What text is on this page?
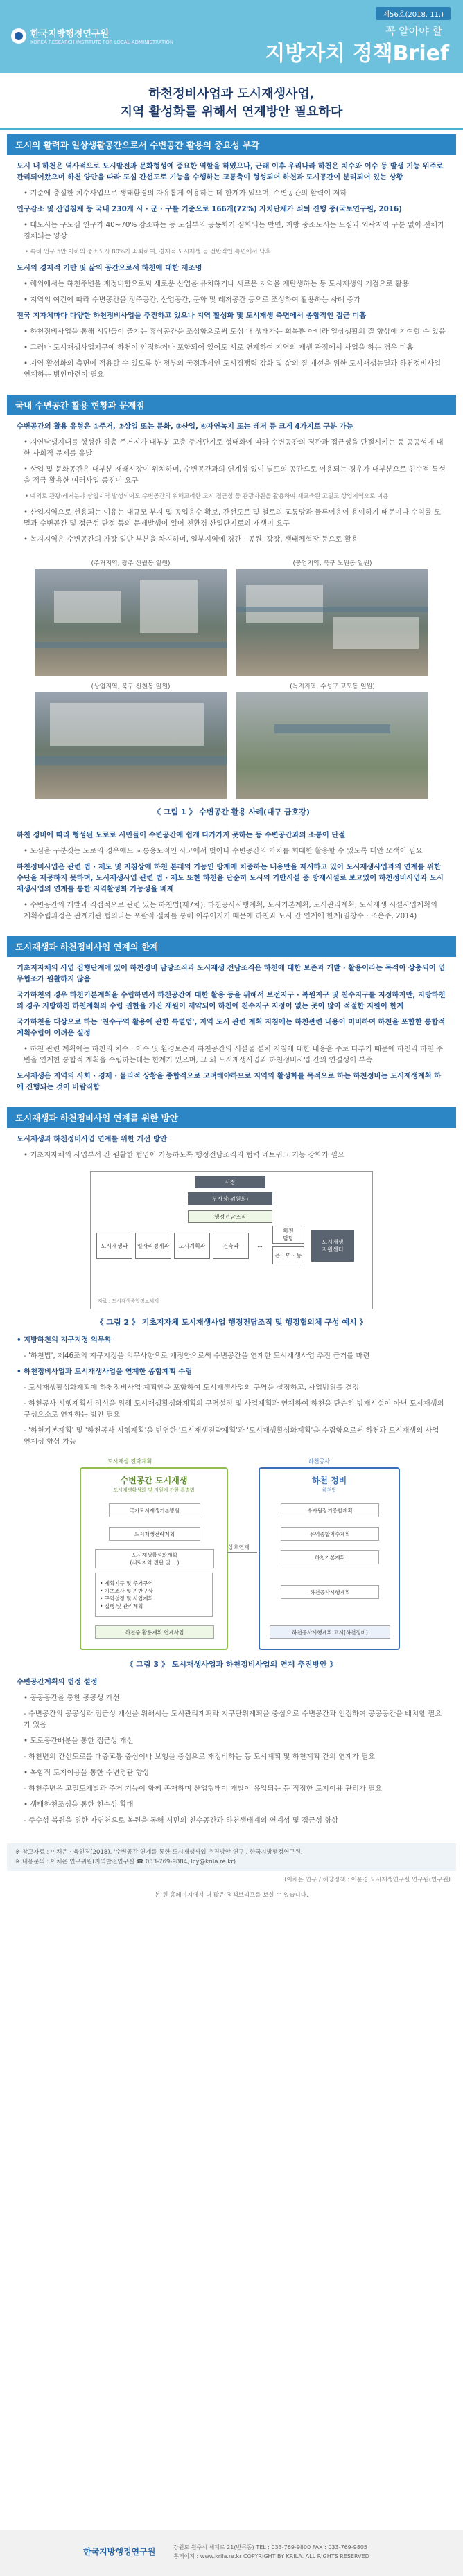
한국지방행정연구원
KOREA RESEARCH INSTITUTE FOR LOCAL ADMINISTRATION
제56호(2018. 11.)
꼭 알아야 할
지방자치 정책Brief
하천정비사업과 도시재생사업,
지역 활성화를 위해서 연계방안 필요하다
도시의 활력과 일상생활공간으로서 수변공간 활용의 중요성 부각

도시 내 하천은 역사적으로 도시발전과 문화형성에 중요한 역할을 하였으나, 근래 이후 우리나라 하천은 치수와 이수 등 발생 기능 위주로 관리되어왔으며 하천 양안을 따라 도심 간선도로 기능을 수행하는 교통축이 형성되어 하천과 도시공간이 분리되어 있는 상황

• 기준에 충실한 치수사업으로 생태환경의 자유롭게 이용하는 데 한계가 있으며, 수변공간의 활력이 저하

인구감소 및 산업침체 등 국내 230개 시 · 군 · 구를 기준으로 166개(72%) 자치단체가 쇠퇴 진행 중(국토연구원, 2016)

• 대도시는 구도심 인구가 40~70% 감소하는 등 도심부의 공동화가 심화되는 반면, 지방 중소도시는 도심과 외곽지역 구분 없이 전체가 침체되는 양상

• 특히 인구 5만 이하의 중소도시 80%가 쇠퇴하여, 경제적 도시재생 등 전반적인 측면에서 낙후

도시의 경제적 기반 및 삶의 공간으로서 하천에 대한 재조명

• 해외에서는 하천주변을 재정비함으로써 새로운 산업을 유치하거나 새로운 지역을 재탄생하는 등 도시재생의 거점으로 활용

• 지역의 여건에 따라 수변공간을 정주공간, 산업공간, 문화 및 레저공간 등으로 조성하여 활용하는 사례 증가

전국 지자체마다 다양한 하천정비사업을 추진하고 있으나 지역 활성화 및 도시재생 측면에서 종합적인 접근 미흡

• 하천정비사업을 통해 시민들이 즐기는 휴식공간을 조성함으로써 도심 내 생태가는 회복뿐 아니라 일상생활의 질 향상에 기여할 수 있음

• 그러나 도시재생사업지구에 하천이 인접하거나 포함되어 있어도 서로 연계하여 지역의 재생 관점에서 사업을 하는 경우 미흡

• 지역 활성화의 측면에 적용할 수 있도록 한 정부의 국정과제인 도시경쟁력 강화 및 삶의 질 개선을 위한 도시재생뉴딜과 하천정비사업 연계하는 방안마련이 필요

국내 수변공간 활용 현황과 문제점

수변공간의 활용 유형은 ①주거, ②상업 또는 문화, ③산업, ④자연녹지 또는 레저 등 크게 4가지로 구분 가능

• 지연낙생지대를 형성한 하총 주거지가 대부분 고층 주거단지로 형태화에 따라 수변공간의 경관과 접근성을 단절시키는 등 공공성에 대한 사회적 문제를 유발

• 상업 및 문화공간은 대부분 재래시장이 위치하며, 수변공간과의 연계성 없이 별도의 공간으로 이용되는 경우가 대부분으로 친수적 특성을 적극 활용한 여러사업 증진이 요구

• 예외로 관광·레저분야 상업지역 발생되어도 수변공간의 위해교려한 도시 접근성 등 관광자원을 활용하여 재교육된 고밀도 상업지역으로 이용

• 산업지역으로 선용되는 이유는 대규모 부지 및 공업용수 확보, 간선도로 및 철로의 교통망과 물류이용이 용이하기 때문이나 수익률 모멸과 수변공간 및 접근성 단절 등의 문제발생이 있어 친환경 산업단지로의 재생이 요구

• 녹지지역은 수변공간의 가장 일반 부분을 차지하며, 일부지역에 경관 · 공원, 광장, 생태체험장 등으로 활용

(주거지역, 광주 산월동 일원)	(공업지역, 북구 노원동 일원)
(상업지역, 북구 신천동 일원)	(녹지지역, 수성구 고모동 일원)
《 그림 1 》 수변공간 활용 사례(대구 금호강)

하천 정비에 따라 형성된 도로로 시민들이 수변공간에 쉽게 다가가지 못하는 등 수변공간과의 소통이 단절

• 도심을 구분짓는 도로의 경우에도 교통용도적인 사고에서 벗어나 수변공간의 가치를 회대한 활용할 수 있도록 대안 모색이 필요

하천정비사업은 관련 법 · 제도 및 지침상에 하천 본래의 기능인 방재에 치중하는 내용만을 제시하고 있어 도시재생사업과의 연계를 위한 수단을 제공하지 못하며, 도시재생사업 관련 법 · 제도 또한 하천을 단순히 도시의 기반시설 중 방재시설로 보고있어 하천정비사업과 도시재생사업의 연계를 통한 지역활성화 가능성을 배제

• 수변공간의 개발과 직접적으로 관련 있는 하천법(제7차), 하천공사시행계획, 도시기본계획, 도시관리계획, 도시재생 시설사업계획의 계획수립과정은 관계기관 협의라는 포괄적 절차를 통해 이루어지기 때문에 하천과 도시 간 연계에 한계(임창수 · 조은주, 2014)

도시재생과 하천정비사업 연계의 한계

기초지자체의 사업 집행단계에 있어 하천정비 담당조직과 도시재생 전담조직은 하천에 대한 보존과 개발 · 활용이라는 목적이 상충되어 업무협조가 원활하지 않음

국가하천의 경우 하천기본계획을 수립하면서 하천공간에 대한 활용 등을 위해서 보전지구 · 복원지구 및 친수지구를 지정하지만, 지방하천의 경우 지방하천 하천계획의 수립 권한을 가진 재원이 제약되어 하천에 친수지구 지정이 없는 곳이 많아 적절한 지원이 한계

국가하천을 대상으로 하는 '친수구역 활용에 관한 특별법', 지역 도시 관련 계획 지침에는 하천관련 내용이 미비하여 하천을 포함한 통합적 계획수립이 어려운 실정

• 하천 관련 계획에는 하천의 치수 · 이수 및 환경보존과 하천공간의 시설물 설치 지침에 대한 내용을 주로 다루기 때문에 하천과 하천 주변을 연계한 통합적 계획을 수립하는데는 한계가 있으며, 그 외 도시재생사업과 하천정비사업 간의 연결성이 부족

도시재생은 지역의 사회 · 경제 · 물리적 상황을 종합적으로 고려해야하므로 지역의 활성화를 목적으로 하는 하천정비는 도시재생계획 하에 진행되는 것이 바람직함

도시재생과 하천정비사업 연계를 위한 방안

도시재생과 하천정비사업 연계를 위한 개선 방안

• 기초지자체의 사업부서 간 원활한 협업이 가능하도록 행정전담조직의 협력 네트워크 기능 강화가 필요

시장
부시장(위원회)
행정전담조직
도시재생과	일자리경제과	도시계획과	건축과	…
하천
담당
읍 · 면 · 동
도시재생
지원센터
자료 : 도시재생종합정보체계
《 그림 2 》 기초지자체 도시재생사업 행정전담조직 및 행정협의체 구성 예시 》

• 지방하천의 지구지정 의무화

- '하천법', 제46조의 지구지정을 의무사항으로 개정함으로써 수변공간을 연계한 도시재생사업 추진 근거를 마련

• 하천정비사업과 도시재생사업을 연계한 종합계획 수립

- 도시재생활성화계획에 하천정비사업 계획안을 포함하여 도시재생사업의 구역을 설정하고, 사업범위를 결정

- 하천공사 시행계획서 작성을 위해 도시재생활성화계획의 구역설정 및 사업계획과 연계하여 하천을 단순히 방재시설이 아닌 도시재생의 구성요소로 연계하는 방안 필요

- '하천기본계획' 및 '하천공사 시행계획'을 반영한 '도시재생전략계획'과 '도시재생활성화계획'을 수립함으로써 하천과 도시재생의 사업 연계성 향상 가능

도시재생 전략계획	하천공사
수변공간 도시재생
도시재생활성화 및 지원에 관한 특별법
국가도시재생기본방침
도시재생전략계획
도시재생활성화계획
(쇠퇴지역 진단 및 …)
• 계획지구 및 주거구역
• 기초조사 및 기반구상
• 구역설정 및 사업계획
• 집행 및 관리계획
하천중 활용계획 연계사업
상호연계
하천 정비
하천법
수자원장기종합계획
유역종합치수계획
하천기본계획
하천공사시행계획
하천공사시행계획 고시(하천정비)
《 그림 3 》 도시재생사업과 하천정비사업의 연계 추진방안 》

수변공간계획의 법정 설정

• 공공공간을 통한 공공성 개선

- 수변공간의 공공성과 접근성 개선을 위해서는 도시관리계획과 지구단위계획을 중심으로 수변공간과 인접하여 공공공간을 배치할 필요가 있음

• 도로공간배분을 통한 접근성 개선

- 하천변의 간선도로를 대중교통 중심이나 보행을 중심으로 재정비하는 등 도시계획 및 하천계획 간의 연계가 필요

• 복합적 토지이용을 통한 수변경관 향상

- 하천주변은 고밀도개발과 주거 기능이 함께 존재하며 산업형태이 개발이 유입되는 등 적정한 토지이용 관리가 필요

• 생태하천조성을 통한 친수성 확대

- 주수성 복원을 위한 자연천으로 복원을 통해 시민의 친수공간과 하천생태계의 연계성 및 접근성 향상

※ 참고자료 : 이채은 · 육인경(2018). '수변공간 연계를 통한 도시재생사업 추진방안 연구'. 한국지방행정연구원.
※ 내용문의 : 이채은 연구위원(지역발전연구실 ☎ 033-769-9884, lcy@krila.re.kr)
(이채은 연구 / 해양정책 : 이윤경 도시재생연구실 연구원(연구원)
본 원 홈페이지에서 더 많은 정책브리프를 보실 수 있습니다.
한국지방행정연구원	강원도 원주시 세계로 21(반곡동) TEL : 033-769-9800 FAX : 033-769-9805
홈페이지 : www.krila.re.kr COPYRIGHT BY KRILA. ALL RIGHTS RESERVED
